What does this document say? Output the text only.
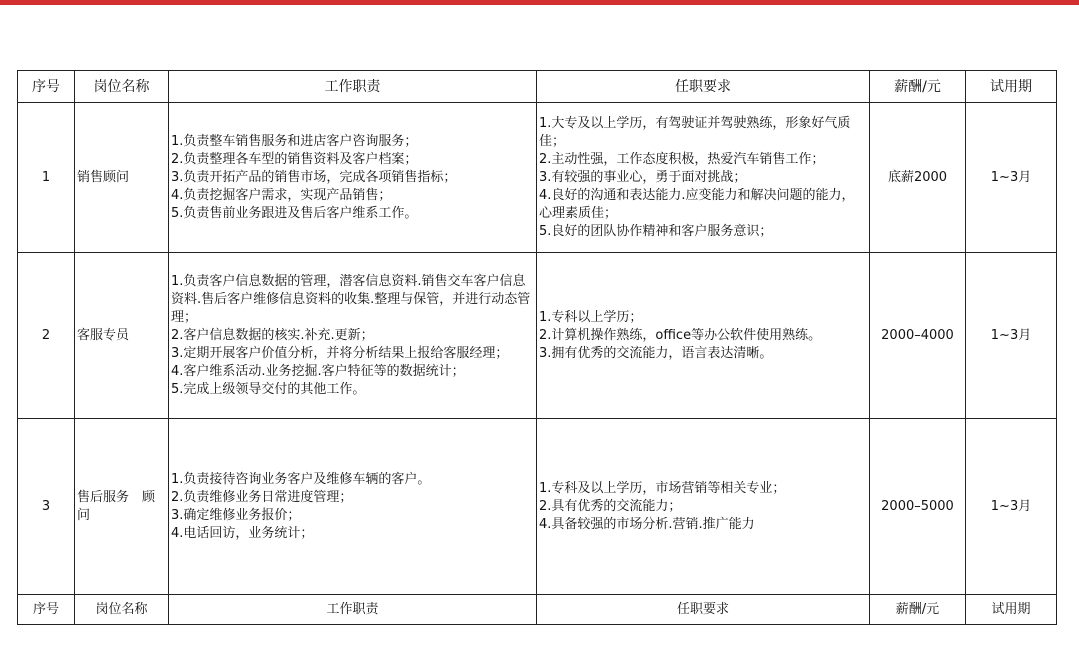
序号	岗位名称	工作职责	任职要求	薪酬/元	试用期
1	销售顾问	1.负责整车销售服务和进店客户咨询服务；
2.负责整理各车型的销售资料及客户档案；
3.负责开拓产品的销售市场，完成各项销售指标；
4.负责挖掘客户需求，实现产品销售；
5.负责售前业务跟进及售后客户维系工作。	1.大专及以上学历，有驾驶证并驾驶熟练，形象好气质佳；
2.主动性强，工作态度积极，热爱汽车销售工作；
3.有较强的事业心，勇于面对挑战；
4.良好的沟通和表达能力.应变能力和解决问题的能力，心理素质佳；
5.良好的团队协作精神和客户服务意识；	底薪2000	1~3月
2	客服专员	1.负责客户信息数据的管理，潜客信息资料.销售交车客户信息资料.售后客户维修信息资料的收集.整理与保管，并进行动态管理；
2.客户信息数据的核实.补充.更新；
3.定期开展客户价值分析，并将分析结果上报给客服经理；
4.客户维系活动.业务挖掘.客户特征等的数据统计；
5.完成上级领导交付的其他工作。	1.专科以上学历；
2.计算机操作熟练，office等办公软件使用熟练。
3.拥有优秀的交流能力，语言表达清晰。	2000–4000	1~3月
3	售后服务　顾问	1.负责接待咨询业务客户及维修车辆的客户。
2.负责维修业务日常进度管理；
3.确定维修业务报价；
4.电话回访，业务统计；	1.专科及以上学历，市场营销等相关专业；
2.具有优秀的交流能力；
4.具备较强的市场分析.营销.推广能力	2000–5000	1~3月
序号	岗位名称	工作职责	任职要求	薪酬/元	试用期
